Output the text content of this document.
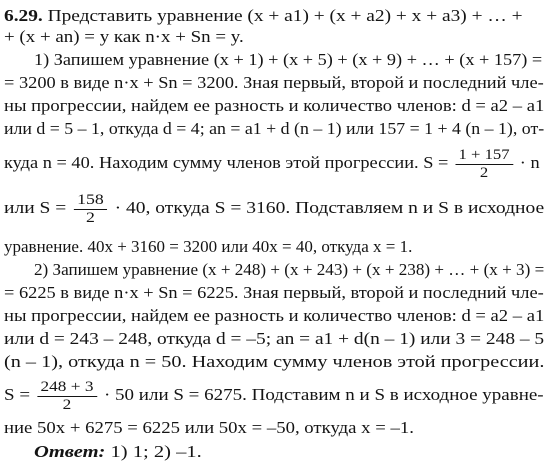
6.29. Представить уравнение (x + a1) + (x + a2) + x + a3) + … +
+ (x + an) = y как n·x + Sn = y.
1) Запишем уравнение (x + 1) + (x + 5) + (x + 9) + … + (x + 157) =
= 3200 в виде n·x + Sn = 3200. Зная первый, второй и последний чле-
ны прогрессии, найдем ее разность и количество членов: d = a2 – a1
или d = 5 – 1, откуда d = 4; an = a1 + d (n – 1) или 157 = 1 + 4 (n – 1), от-
куда n = 40. Находим сумму членов этой прогрессии. $S = \frac{1 + 157}{2} \cdot n$
или $S = \frac{158}{2} \cdot 40$, откуда S = 3160. Подставляем n и S в исходное
уравнение. 40x + 3160 = 3200 или 40x = 40, откуда x = 1.
2) Запишем уравнение (x + 248) + (x + 243) + (x + 238) + … + (x + 3) =
= 6225 в виде n·x + Sn = 6225. Зная первый, второй и последний чле-
ны прогрессии, найдем ее разность и количество членов: d = a2 – a1
или d = 243 – 248, откуда d = –5; an = a1 + d(n – 1) или 3 = 248 – 5
(n – 1), откуда n = 50. Находим сумму членов этой прогрессии.
$S = \frac{248 + 3}{2} \cdot 50$ или S = 6275. Подставим n и S в исходное уравне-
ние 50x + 6275 = 6225 или 50x = –50, откуда x = –1.
Ответ: 1) 1; 2) –1.
